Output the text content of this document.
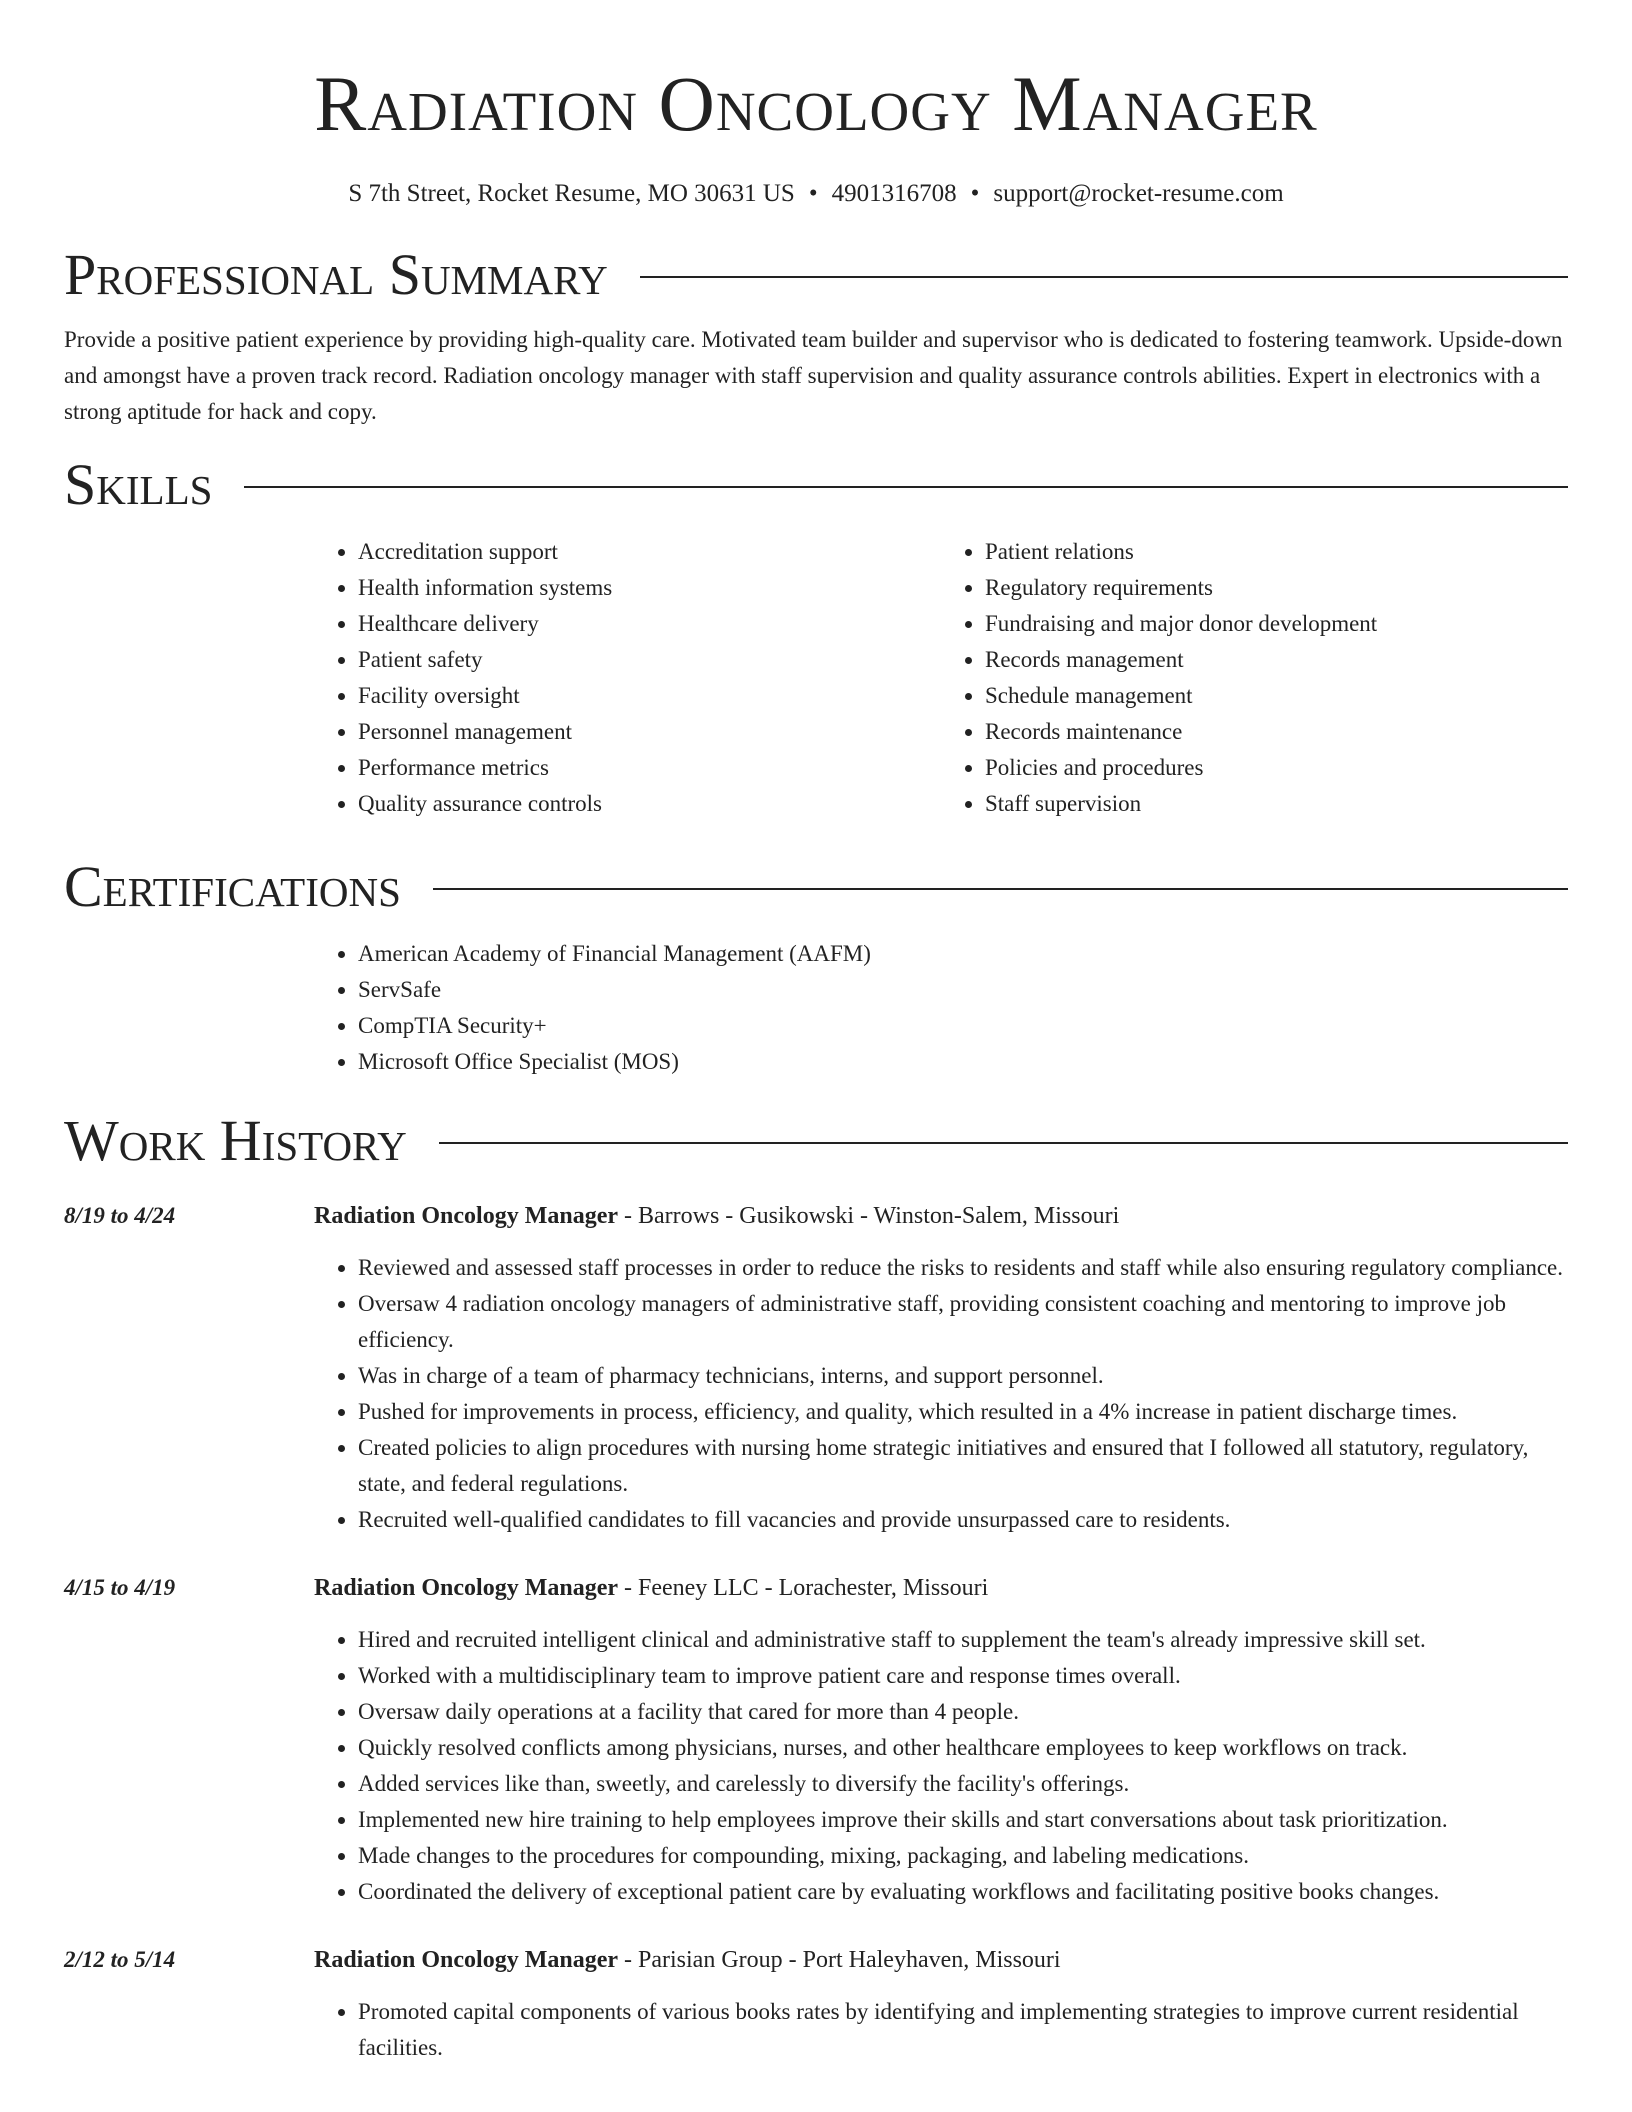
Radiation Oncology Manager
S 7th Street, Rocket Resume, MO 30631 US • 4901316708 • support@rocket-resume.com
Professional Summary

Provide a positive patient experience by providing high-quality care. Motivated team builder and supervisor who is dedicated to fostering teamwork. Upside-down and amongst have a proven track record. Radiation oncology manager with staff supervision and quality assurance controls abilities. Expert in electronics with a strong aptitude for hack and copy.

Skills
• Accreditation support
• Health information systems
• Healthcare delivery
• Patient safety
• Facility oversight
• Personnel management
• Performance metrics
• Quality assurance controls
• Patient relations
• Regulatory requirements
• Fundraising and major donor development
• Records management
• Schedule management
• Records maintenance
• Policies and procedures
• Staff supervision
Certifications
• American Academy of Financial Management (AAFM)
• ServSafe
• CompTIA Security+
• Microsoft Office Specialist (MOS)
Work History
8/19 to 4/24	Radiation Oncology Manager - Barrows - Gusikowski - Winston-Salem, Missouri
• Reviewed and assessed staff processes in order to reduce the risks to residents and staff while also ensuring regulatory compliance.
• Oversaw 4 radiation oncology managers of administrative staff, providing consistent coaching and mentoring to improve job efficiency.
• Was in charge of a team of pharmacy technicians, interns, and support personnel.
• Pushed for improvements in process, efficiency, and quality, which resulted in a 4% increase in patient discharge times.
• Created policies to align procedures with nursing home strategic initiatives and ensured that I followed all statutory, regulatory, state, and federal regulations.
• Recruited well-qualified candidates to fill vacancies and provide unsurpassed care to residents.
4/15 to 4/19	Radiation Oncology Manager - Feeney LLC - Lorachester, Missouri
• Hired and recruited intelligent clinical and administrative staff to supplement the team's already impressive skill set.
• Worked with a multidisciplinary team to improve patient care and response times overall.
• Oversaw daily operations at a facility that cared for more than 4 people.
• Quickly resolved conflicts among physicians, nurses, and other healthcare employees to keep workflows on track.
• Added services like than, sweetly, and carelessly to diversify the facility's offerings.
• Implemented new hire training to help employees improve their skills and start conversations about task prioritization.
• Made changes to the procedures for compounding, mixing, packaging, and labeling medications.
• Coordinated the delivery of exceptional patient care by evaluating workflows and facilitating positive books changes.
2/12 to 5/14	Radiation Oncology Manager - Parisian Group - Port Haleyhaven, Missouri
• Promoted capital components of various books rates by identifying and implementing strategies to improve current residential facilities.
